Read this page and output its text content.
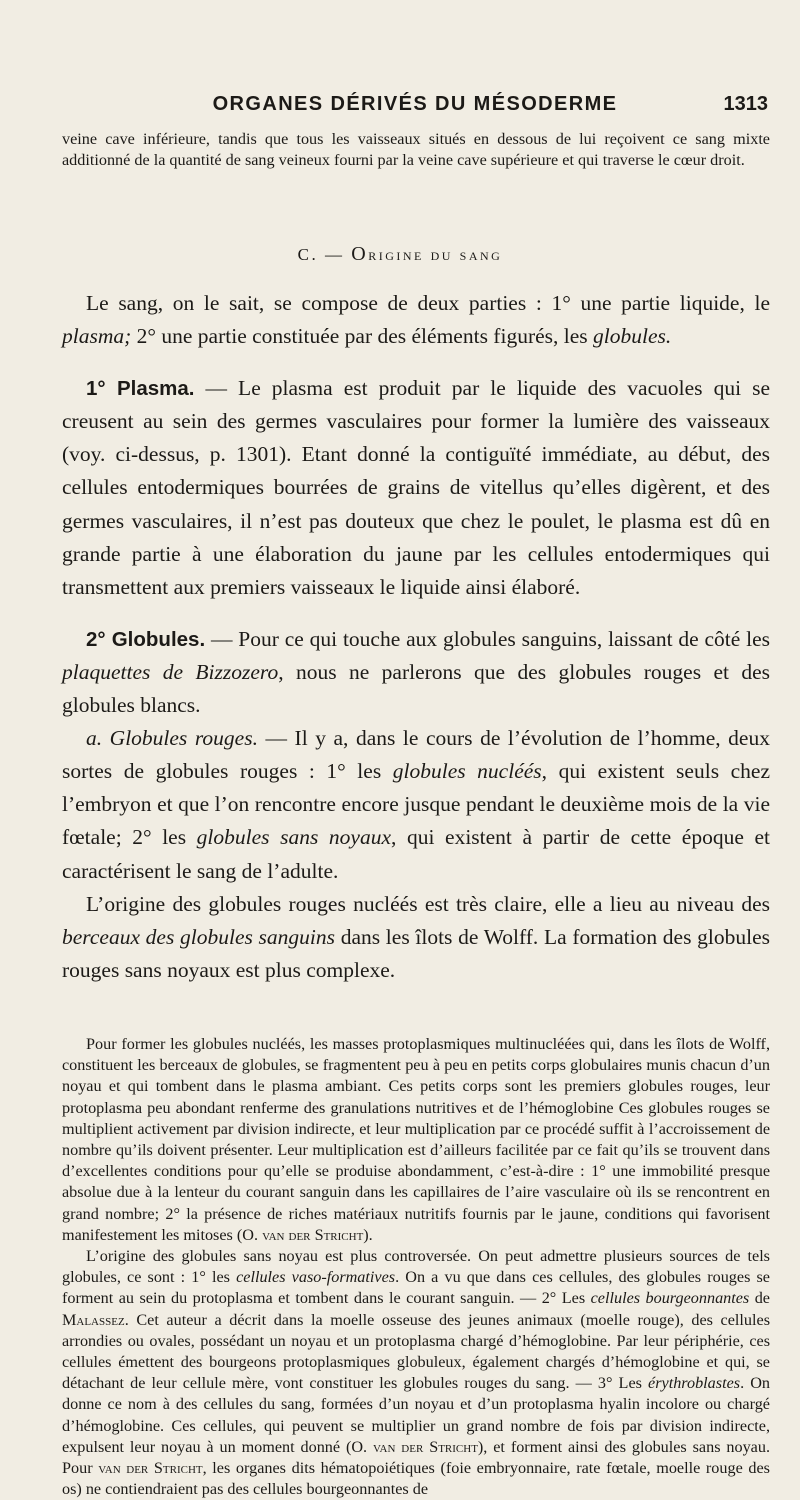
ORGANES DÉRIVÉS DU MÉSODERME	1313
veine cave inférieure, tandis que tous les vaisseaux situés en dessous de lui reçoivent ce sang mixte additionné de la quantité de sang veineux fourni par la veine cave supérieure et qui traverse le cœur droit.
C. — Origine du sang

Le sang, on le sait, se compose de deux parties : 1° une partie liquide, le plasma; 2° une partie constituée par des éléments figurés, les globules.

1° Plasma. — Le plasma est produit par le liquide des vacuoles qui se creusent au sein des germes vasculaires pour former la lumière des vaisseaux (voy. ci-dessus, p. 1301). Etant donné la contiguïté immédiate, au début, des cellules entodermiques bourrées de grains de vitellus qu’elles digèrent, et des germes vasculaires, il n’est pas douteux que chez le poulet, le plasma est dû en grande partie à une élaboration du jaune par les cellules entodermiques qui transmettent aux premiers vaisseaux le liquide ainsi élaboré.

2° Globules. — Pour ce qui touche aux globules sanguins, laissant de côté les plaquettes de Bizzozero, nous ne parlerons que des globules rouges et des globules blancs.

a. Globules rouges. — Il y a, dans le cours de l’évolution de l’homme, deux sortes de globules rouges : 1° les globules nucléés, qui existent seuls chez l’embryon et que l’on rencontre encore jusque pendant le deuxième mois de la vie fœtale; 2° les globules sans noyaux, qui existent à partir de cette époque et caractérisent le sang de l’adulte.

L’origine des globules rouges nucléés est très claire, elle a lieu au niveau des berceaux des globules sanguins dans les îlots de Wolff. La formation des globules rouges sans noyaux est plus complexe.

Pour former les globules nucléés, les masses protoplasmiques multinucléées qui, dans les îlots de Wolff, constituent les berceaux de globules, se fragmentent peu à peu en petits corps globulaires munis chacun d’un noyau et qui tombent dans le plasma ambiant. Ces petits corps sont les premiers globules rouges, leur protoplasma peu abondant renferme des granulations nutritives et de l’hémoglobine Ces globules rouges se multiplient activement par division indirecte, et leur multiplication par ce procédé suffit à l’accroissement de nombre qu’ils doivent présenter. Leur multiplication est d’ailleurs facilitée par ce fait qu’ils se trouvent dans d’excellentes conditions pour qu’elle se produise abondamment, c’est-à-dire : 1° une immobilité presque absolue due à la lenteur du courant sanguin dans les capillaires de l’aire vasculaire où ils se rencontrent en grand nombre; 2° la présence de riches matériaux nutritifs fournis par le jaune, conditions qui favorisent manifestement les mitoses (O. van der Stricht).

L’origine des globules sans noyau est plus controversée. On peut admettre plusieurs sources de tels globules, ce sont : 1° les cellules vaso-formatives. On a vu que dans ces cellules, des globules rouges se forment au sein du protoplasma et tombent dans le courant sanguin. — 2° Les cellules bourgeonnantes de Malassez. Cet auteur a décrit dans la moelle osseuse des jeunes animaux (moelle rouge), des cellules arrondies ou ovales, possédant un noyau et un protoplasma chargé d’hémoglobine. Par leur périphérie, ces cellules émettent des bourgeons protoplasmiques globuleux, également chargés d’hémoglobine et qui, se détachant de leur cellule mère, vont constituer les globules rouges du sang. — 3° Les érythroblastes. On donne ce nom à des cellules du sang, formées d’un noyau et d’un protoplasma hyalin incolore ou chargé d’hémoglobine. Ces cellules, qui peuvent se multiplier un grand nombre de fois par division indirecte, expulsent leur noyau à un moment donné (O. van der Stricht), et forment ainsi des globules sans noyau. Pour van der Stricht, les organes dits hématopoiétiques (foie embryonnaire, rate fœtale, moelle rouge des os) ne contiendraient pas des cellules bourgeonnantes de
